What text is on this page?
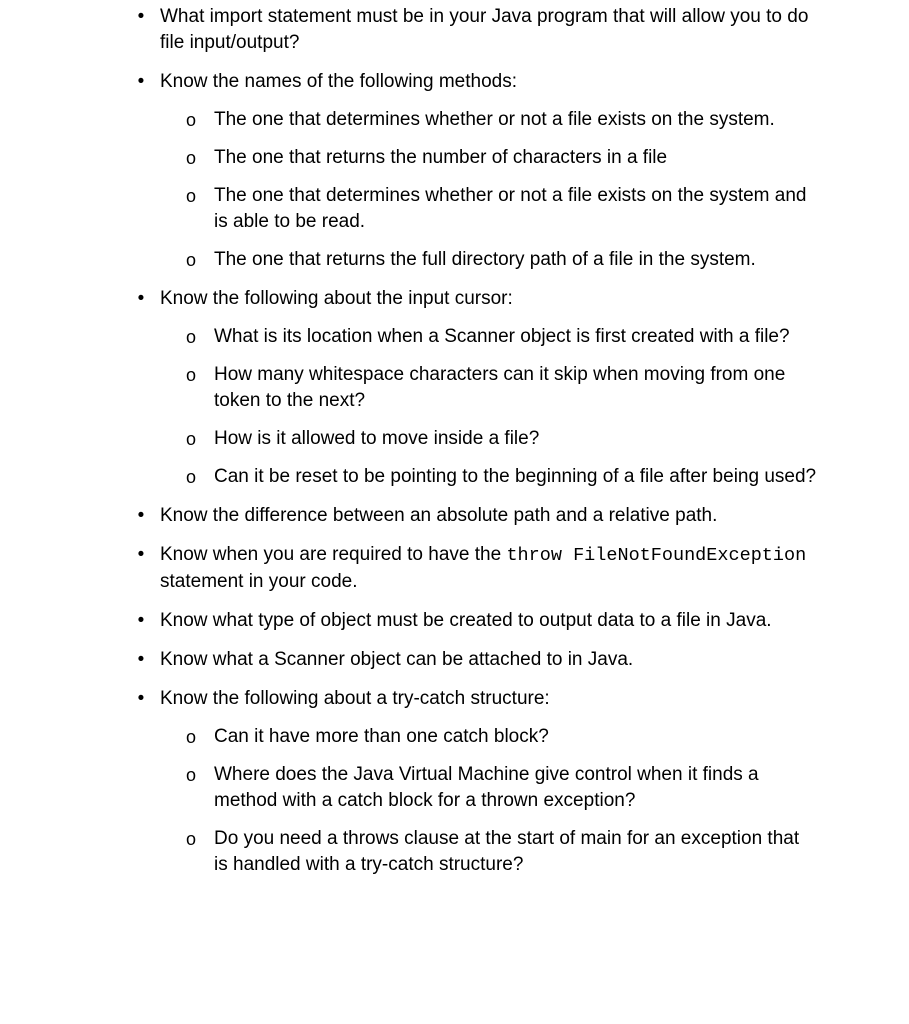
•
What import statement must be in your Java program that will allow you to do file input/output?
•
Know the names of the following methods:
o
The one that determines whether or not a file exists on the system.
o
The one that returns the number of characters in a file
o
The one that determines whether or not a file exists on the system and is able to be read.
o
The one that returns the full directory path of a file in the system.
•
Know the following about the input cursor:
o
What is its location when a Scanner object is first created with a file?
o
How many whitespace characters can it skip when moving from one token to the next?
o
How is it allowed to move inside a file?
o
Can it be reset to be pointing to the beginning of a file after being used?
•
Know the difference between an absolute path and a relative path.
•
Know when you are required to have the throw FileNotFoundException statement in your code.
•
Know what type of object must be created to output data to a file in Java.
•
Know what a Scanner object can be attached to in Java.
•
Know the following about a try-catch structure:
o
Can it have more than one catch block?
o
Where does the Java Virtual Machine give control when it finds a method with a catch block for a thrown exception?
o
Do you need a throws clause at the start of main for an exception that is handled with a try-catch structure?
